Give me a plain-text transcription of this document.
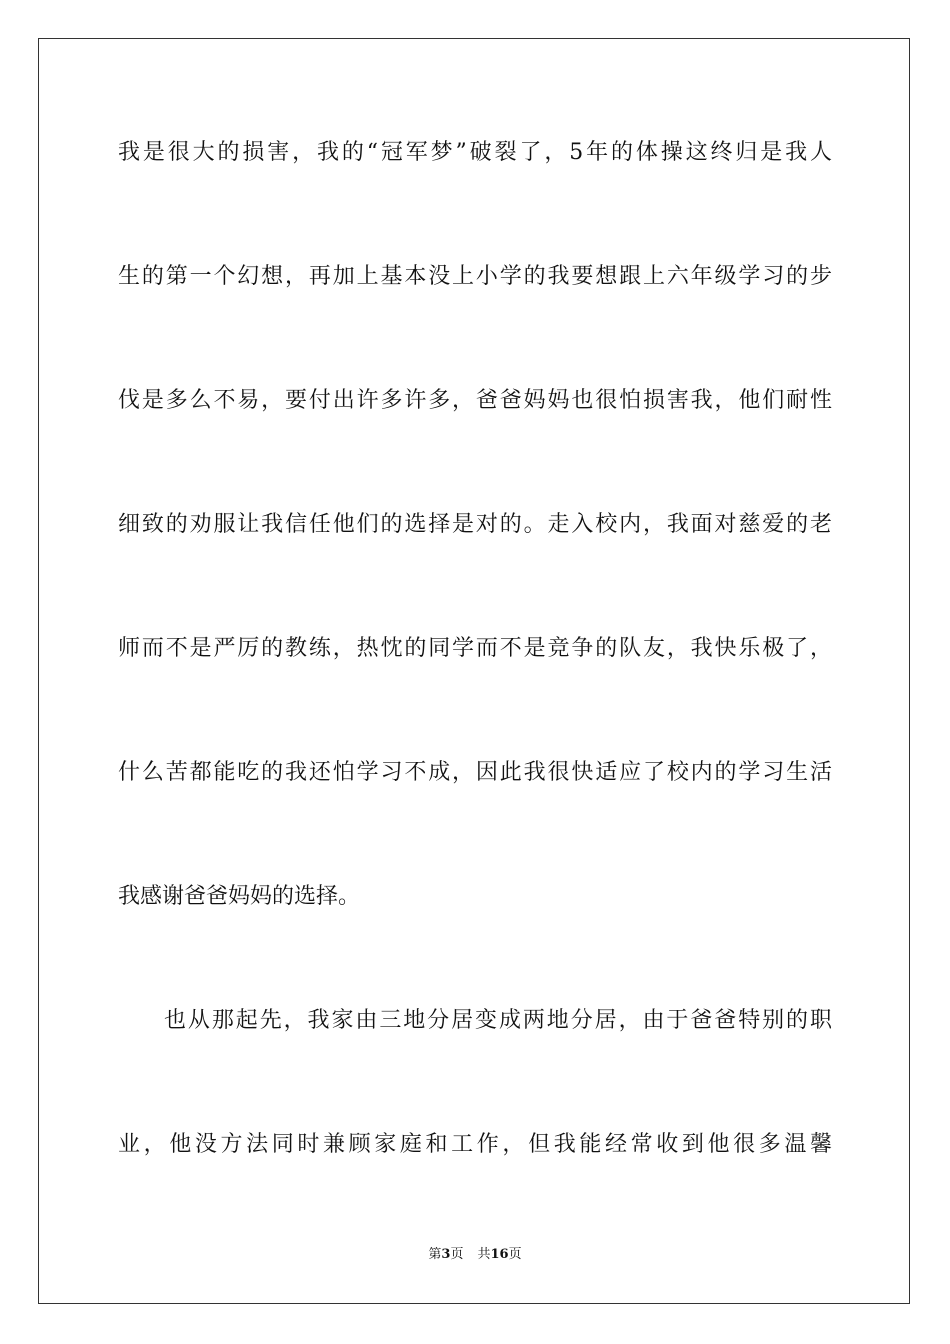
我是很大的损害，我的“冠军梦”破裂了，5年的体操这终归是我人
生的第一个幻想，再加上基本没上小学的我要想跟上六年级学习的步
伐是多么不易，要付出许多许多，爸爸妈妈也很怕损害我，他们耐性
细致的劝服让我信任他们的选择是对的。走入校内，我面对慈爱的老
师而不是严厉的教练，热忱的同学而不是竞争的队友，我快乐极了，
什么苦都能吃的我还怕学习不成，因此我很快适应了校内的学习生活
我感谢爸爸妈妈的选择。
也从那起先，我家由三地分居变成两地分居，由于爸爸特别的职
业，他没方法同时兼顾家庭和工作，但我能经常收到他很多温馨
第3页 共16页
